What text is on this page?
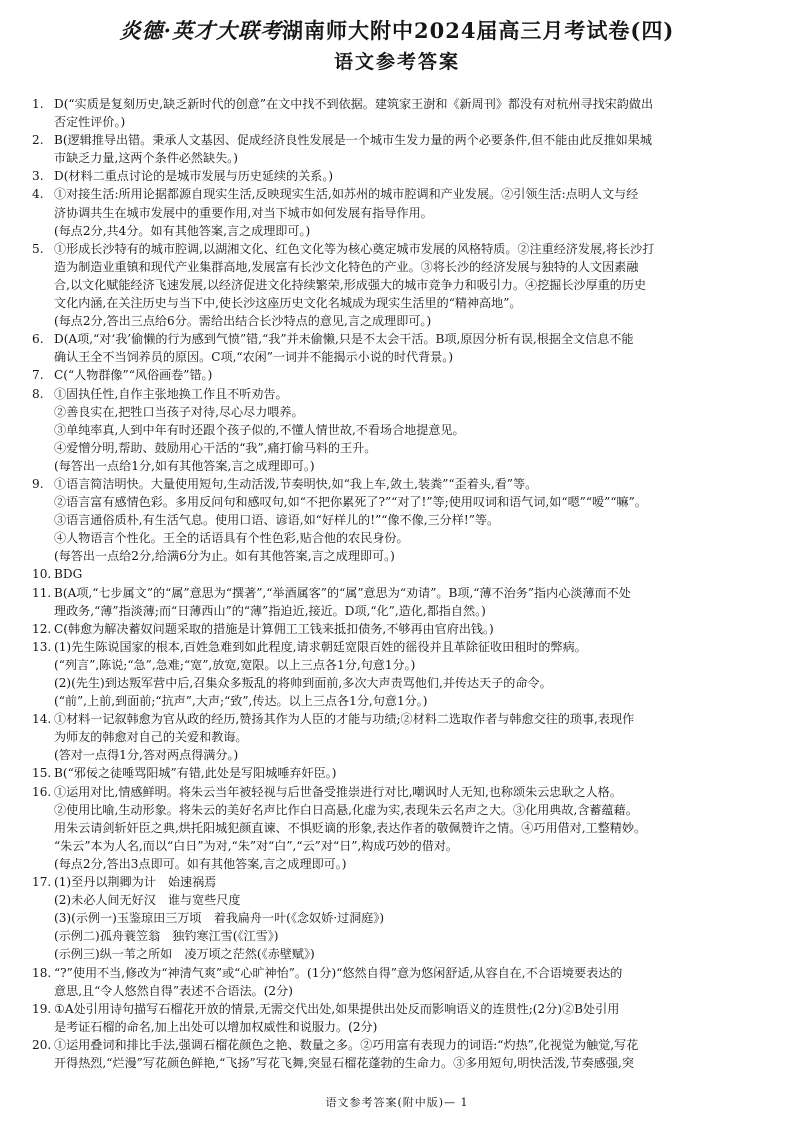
炎德·英才大联考湖南师大附中2024届高三月考试卷(四)
语文参考答案
1. D(“实质是复刻历史,缺乏新时代的创意”在文中找不到依据。建筑家王澍和《新周刊》都没有对杭州寻找宋韵做出
否定性评价。)
2. B(逻辑推导出错。秉承人文基因、促成经济良性发展是一个城市生发力量的两个必要条件,但不能由此反推如果城
市缺乏力量,这两个条件必然缺失。)
3. D(材料二重点讨论的是城市发展与历史延续的关系。)
4. ①对接生活:所用论据都源自现实生活,反映现实生活,如苏州的城市腔调和产业发展。②引领生活:点明人文与经
济协调共生在城市发展中的重要作用,对当下城市如何发展有指导作用。
(每点2分,共4分。如有其他答案,言之成理即可。)
5. ①形成长沙特有的城市腔调,以湖湘文化、红色文化等为核心奠定城市发展的风格特质。②注重经济发展,将长沙打
造为制造业重镇和现代产业集群高地,发展富有长沙文化特色的产业。③将长沙的经济发展与独特的人文因素融
合,以文化赋能经济飞速发展,以经济促进文化持续繁荣,形成强大的城市竞争力和吸引力。④挖掘长沙厚重的历史
文化内涵,在关注历史与当下中,使长沙这座历史文化名城成为现实生活里的“精神高地”。
(每点2分,答出三点给6分。需给出结合长沙特点的意见,言之成理即可。)
6. D(A项,“对‘我’偷懒的行为感到气愤”错,“我”并未偷懒,只是不太会干活。B项,原因分析有误,根据全文信息不能
确认王全不当饲养员的原因。C项,“农闲”一词并不能揭示小说的时代背景。)
7. C(“人物群像”“风俗画卷”错。)
8. ①固执任性,自作主张地换工作且不听劝告。
②善良实在,把牲口当孩子对待,尽心尽力喂养。
③单纯率真,人到中年有时还跟个孩子似的,不懂人情世故,不看场合地提意见。
④爱憎分明,帮助、鼓励用心干活的“我”,痛打偷马料的王升。
(每答出一点给1分,如有其他答案,言之成理即可。)
9. ①语言简洁明快。大量使用短句,生动活泼,节奏明快,如“我上车,敛土,装粪”“歪着头,看”等。
②语言富有感情色彩。多用反问句和感叹句,如“不把你累死了?”“对了!”等;使用叹词和语气词,如“嗯”“嗳”“嘛”。
③语言通俗质朴,有生活气息。使用口语、谚语,如“好样儿的!”“像不像,三分样!”等。
④人物语言个性化。王全的话语具有个性色彩,贴合他的农民身份。
(每答出一点给2分,给满6分为止。如有其他答案,言之成理即可。)
10. BDG
11. B(A项,“七步属文”的“属”意思为“撰著”,“举酒属客”的“属”意思为“劝请”。B项,“薄不治务”指内心淡薄而不处
理政务,“薄”指淡薄;而“日薄西山”的“薄”指迫近,接近。D项,“化”,造化,都指自然。)
12. C(韩愈为解决蓄奴问题采取的措施是计算佣工工钱来抵扣债务,不够再由官府出钱。)
13. (1)先生陈说国家的根本,百姓急难到如此程度,请求朝廷宽限百姓的徭役并且革除征收田租时的弊病。
(“列言”,陈说;“急”,急难;“宽”,放宽,宽限。以上三点各1分,句意1分。)
(2)(先生)到达叛军营中后,召集众多叛乱的将帅到面前,多次大声责骂他们,并传达天子的命令。
(“前”,上前,到面前;“抗声”,大声;“致”,传达。以上三点各1分,句意1分。)
14. ①材料一记叙韩愈为官从政的经历,赞扬其作为人臣的才能与功绩;②材料二选取作者与韩愈交往的琐事,表现作
为师友的韩愈对自己的关爱和教诲。
(答对一点得1分,答对两点得满分。)
15. B(“邪佞之徒唾骂阳城”有错,此处是写阳城唾弃奸臣。)
16. ①运用对比,情感鲜明。将朱云当年被轻视与后世备受推崇进行对比,嘲讽时人无知,也称颂朱云忠耿之人格。
②使用比喻,生动形象。将朱云的美好名声比作白日高悬,化虚为实,表现朱云名声之大。③化用典故,含蓄蕴藉。
用朱云请剑斩奸臣之典,烘托阳城犯颜直谏、不惧贬谪的形象,表达作者的敬佩赞许之情。④巧用借对,工整精妙。
“朱云”本为人名,而以“白日”为对,“朱”对“白”,“云”对“日”,构成巧妙的借对。
(每点2分,答出3点即可。如有其他答案,言之成理即可。)
17. (1)至丹以荆卿为计　始速祸焉
(2)未必人间无好汉　谁与宽些尺度
(3)(示例一)玉鉴琼田三万顷　着我扁舟一叶(《念奴娇·过洞庭》)
(示例二)孤舟蓑笠翁　独钓寒江雪(《江雪》)
(示例三)纵一苇之所如　凌万顷之茫然(《赤壁赋》)
18. “?”使用不当,修改为“神清气爽”或“心旷神怡”。(1分)“悠然自得”意为悠闲舒适,从容自在,不合语境要表达的
意思,且“令人悠然自得”表述不合语法。(2分)
19. ①A处引用诗句描写石榴花开放的情景,无需交代出处,如果提供出处反而影响语义的连贯性;(2分)②B处引用
是考证石榴的命名,加上出处可以增加权威性和说服力。(2分)
20. ①运用叠词和排比手法,强调石榴花颜色之艳、数量之多。②巧用富有表现力的词语:“灼热”,化视觉为触觉,写花
开得热烈,“烂漫”写花颜色鲜艳,“飞扬”写花飞舞,突显石榴花蓬勃的生命力。③多用短句,明快活泼,节奏感强,突
语文参考答案(附中版)— 1
